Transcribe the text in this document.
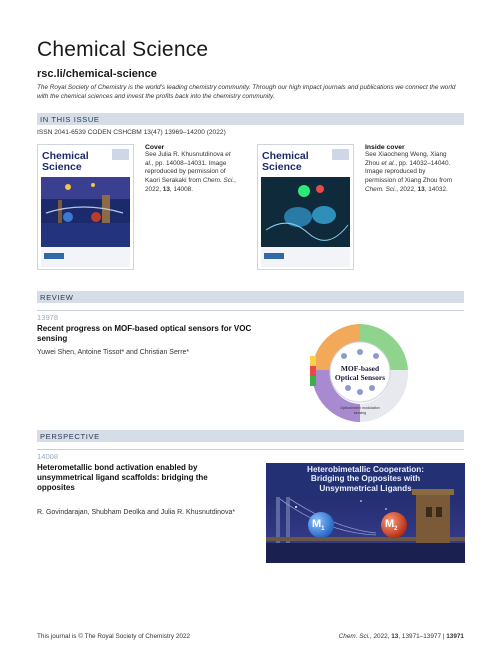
Chemical Science
rsc.li/chemical-science
The Royal Society of Chemistry is the world's leading chemistry community. Through our high impact journals and publications we connect the world with the chemical sciences and invest the profits back into the chemistry community.
IN THIS ISSUE
ISSN 2041-6539 CODEN CSHCBM 13(47) 13969–14200 (2022)
Chemical
Science
Cover
See Julia R. Khusnutdinova et al., pp. 14008–14031. Image reproduced by permission of Kaori Serakaki from Chem. Sci., 2022, 13, 14008.
Chemical
Science
Inside cover
See Xiaocheng Weng, Xiang Zhou et al., pp. 14032–14040. Image reproduced by permission of Xiang Zhou from Chem. Sci., 2022, 13, 14032.
REVIEW
13978
Recent progress on MOF-based optical sensors for VOC sensing
Yuwei Shen, Antoine Tissot* and Christian Serre*
MOF-based
Optical Sensors
Optical index modulation sensing
PERSPECTIVE
14008
Heterometallic bond activation enabled by unsymmetrical ligand scaffolds: bridging the opposites
R. Govindarajan, Shubham Deolka and Julia R. Khusnutdinova*
Heterobimetallic Cooperation:
Bridging the Opposites with
Unsymmetrical Ligands
$M_1$	$M_2$
This journal is © The Royal Society of Chemistry 2022	Chem. Sci., 2022, 13, 13971–13977 | 13971
